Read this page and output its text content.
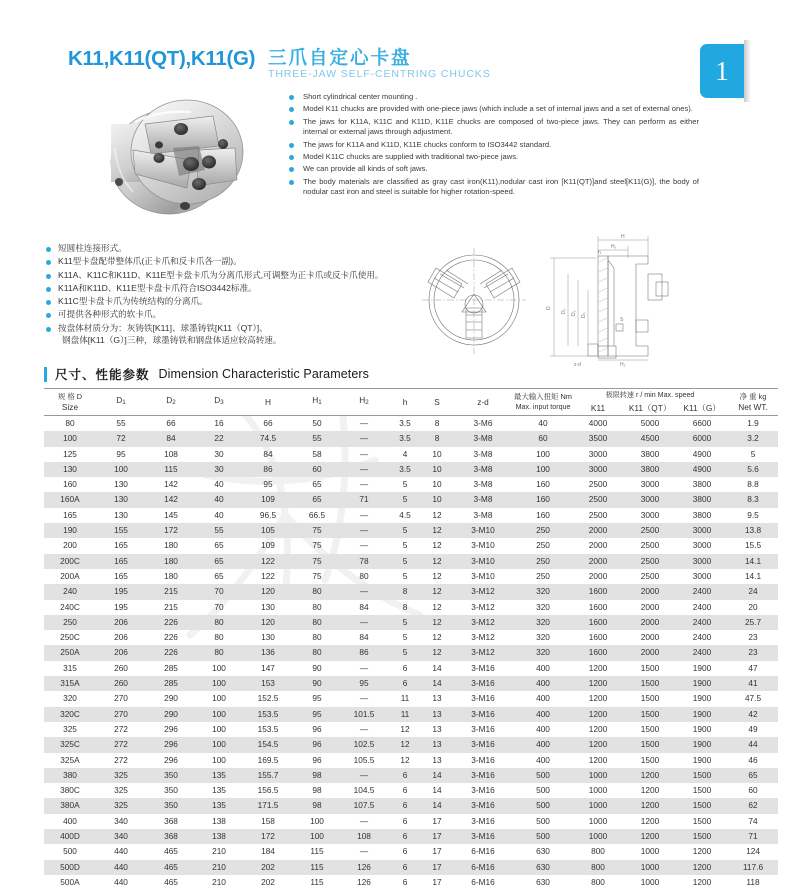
1
K11,K11(QT),K11(G) 三爪自定心卡盘
THREE-JAW SELF-CENTRING CHUCKS
Short cylindrical center mounting .
Model K11 chucks are provided with one-piece jaws (which include a set of internal jaws and a set of external ones).
The jaws for K11A, K11C and K11D, K11E chucks are composed of two-piece jaws. They can perform as either internal or external jaws through adjustment.
The jaws for K11A and K11D, K11E chucks conform to ISO3442 standard.
Model K11C chucks are supplied with traditional two-piece jaws.
We can provide all kinds of soft jaws.
The body materials are classified as gray cast iron(K11),nodular cast iron [K11(QT)]and steel[K11(G)], the body of nodular cast iron and steel is suitable for higher rotation-speed.
短圆柱连接形式。
K11型卡盘配带整体爪(正卡爪和反卡爪各一副)。
K11A、K11C和K11D、K11E型卡盘卡爪为分离爪形式,可调整为正卡爪或反卡爪使用。
K11A和K11D、K11E型卡盘卡爪符合ISO3442标准。
K11C型卡盘卡爪为传统结构的分离爪。
可提供各种形式的软卡爪。
按盘体材质分为：灰铸铁[K11]、球墨铸铁[K11（QT）]、
钢盘体[K11（G）]三种，球墨铸铁和钢盘体适应较高转速。
H
H₁
h
D
D₁ D₂ D₃
H₂
z-d
S
尺寸、性能参数 Dimension Characteristic Parameters
规 格 D
Size	D1	D2	D3	H	H1	H2	h	S	z-d	最大输入扭矩 Nm
Max. input torque	极限转速 r / min Max. speed			净 重 kg
Net WT.

											K11	K11（QT）	K11（G）	
80	55	66	16	66	50	—	3.5	8	3-M6	40	4000	5000	6600	1.9
100	72	84	22	74.5	55	—	3.5	8	3-M8	60	3500	4500	6000	3.2
125	95	108	30	84	58	—	4	10	3-M8	100	3000	3800	4900	5
130	100	115	30	86	60	—	3.5	10	3-M8	100	3000	3800	4900	5.6
160	130	142	40	95	65	—	5	10	3-M8	160	2500	3000	3800	8.8
160A	130	142	40	109	65	71	5	10	3-M8	160	2500	3000	3800	8.3
165	130	145	40	96.5	66.5	—	4.5	12	3-M8	160	2500	3000	3800	9.5
190	155	172	55	105	75	—	5	12	3-M10	250	2000	2500	3000	13.8
200	165	180	65	109	75	—	5	12	3-M10	250	2000	2500	3000	15.5
200C	165	180	65	122	75	78	5	12	3-M10	250	2000	2500	3000	14.1
200A	165	180	65	122	75	80	5	12	3-M10	250	2000	2500	3000	14.1
240	195	215	70	120	80	—	8	12	3-M12	320	1600	2000	2400	24
240C	195	215	70	130	80	84	8	12	3-M12	320	1600	2000	2400	20
250	206	226	80	120	80	—	5	12	3-M12	320	1600	2000	2400	25.7
250C	206	226	80	130	80	84	5	12	3-M12	320	1600	2000	2400	23
250A	206	226	80	136	80	86	5	12	3-M12	320	1600	2000	2400	23
315	260	285	100	147	90	—	6	14	3-M16	400	1200	1500	1900	47
315A	260	285	100	153	90	95	6	14	3-M16	400	1200	1500	1900	41
320	270	290	100	152.5	95	—	11	13	3-M16	400	1200	1500	1900	47.5
320C	270	290	100	153.5	95	101.5	11	13	3-M16	400	1200	1500	1900	42
325	272	296	100	153.5	96	—	12	13	3-M16	400	1200	1500	1900	49
325C	272	296	100	154.5	96	102.5	12	13	3-M16	400	1200	1500	1900	44
325A	272	296	100	169.5	96	105.5	12	13	3-M16	400	1200	1500	1900	46
380	325	350	135	155.7	98	—	6	14	3-M16	500	1000	1200	1500	65
380C	325	350	135	156.5	98	104.5	6	14	3-M16	500	1000	1200	1500	60
380A	325	350	135	171.5	98	107.5	6	14	3-M16	500	1000	1200	1500	62
400	340	368	138	158	100	—	6	17	3-M16	500	1000	1200	1500	74
400D	340	368	138	172	100	108	6	17	3-M16	500	1000	1200	1500	71
500	440	465	210	184	115	—	6	17	6-M16	630	800	1000	1200	124
500D	440	465	210	202	115	126	6	17	6-M16	630	800	1000	1200	117.6
500A	440	465	210	202	115	126	6	17	6-M16	630	800	1000	1200	118
